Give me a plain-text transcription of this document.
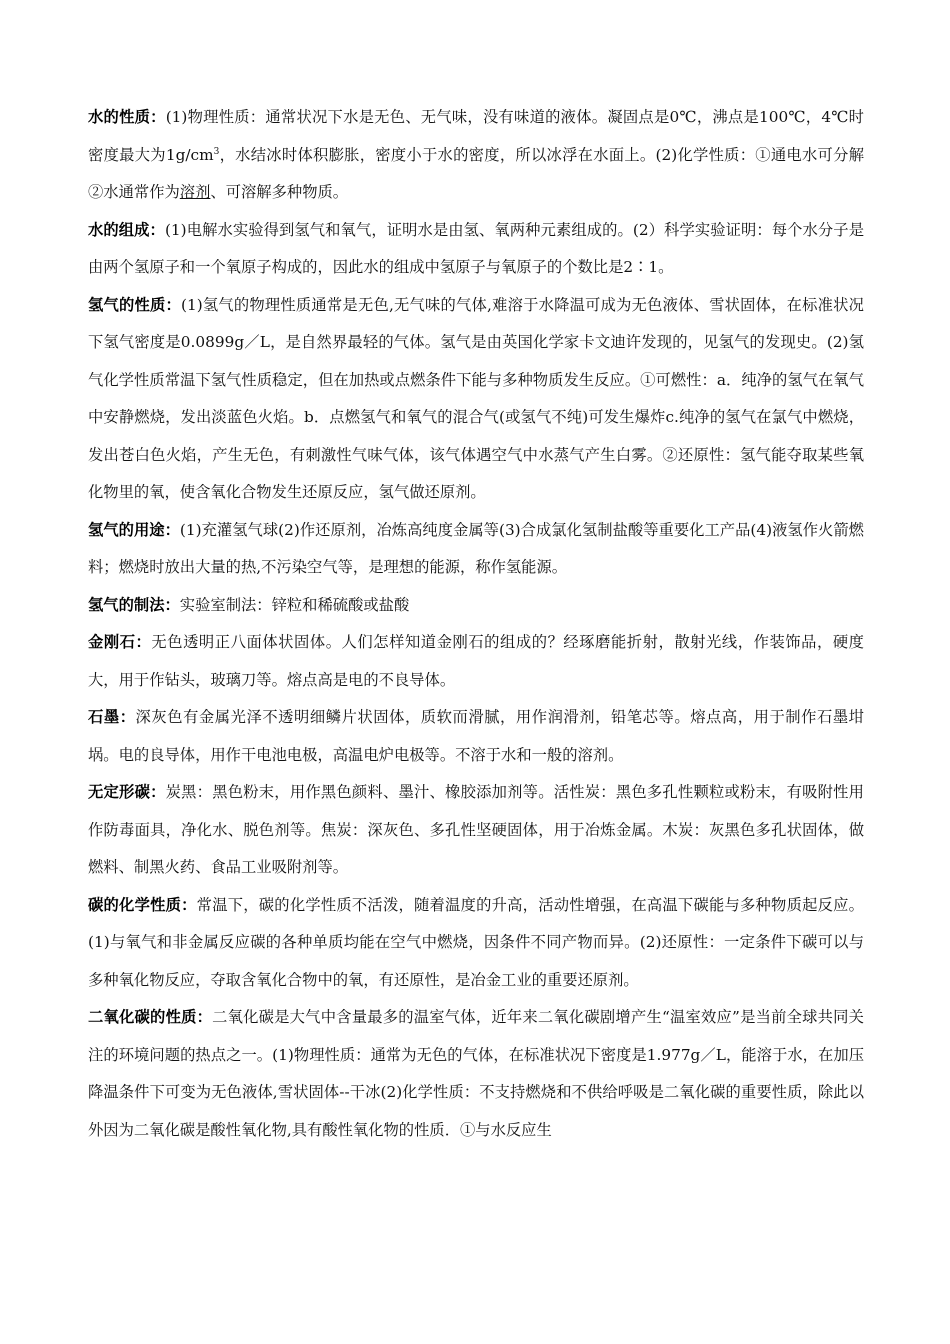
水的性质：(1)物理性质：通常状况下水是无色、无气味，没有味道的液体。凝固点是0℃，沸点是100℃，4℃时密度最大为$1g/cm^3$，水结冰时体积膨胀，密度小于水的密度，所以冰浮在水面上。(2)化学性质：①通电水可分解②水通常作为溶剂、可溶解多种物质。

水的组成：(1)电解水实验得到氢气和氧气，证明水是由氢、氧两种元素组成的。(2）科学实验证明：每个水分子是由两个氢原子和一个氧原子构成的，因此水的组成中氢原子与氧原子的个数比是2∶1。

氢气的性质：(1)氢气的物理性质通常是无色,无气味的气体,难溶于水降温可成为无色液体、雪状固体，在标准状况下氢气密度是0.0899g／L，是自然界最轻的气体。氢气是由英国化学家卡文迪许发现的，见氢气的发现史。(2)氢气化学性质常温下氢气性质稳定，但在加热或点燃条件下能与多种物质发生反应。①可燃性：a．纯净的氢气在氧气中安静燃烧，发出淡蓝色火焰。b．点燃氢气和氧气的混合气(或氢气不纯)可发生爆炸c.纯净的氢气在氯气中燃烧，发出苍白色火焰，产生无色，有刺激性气味气体，该气体遇空气中水蒸气产生白雾。②还原性：氢气能夺取某些氧化物里的氧，使含氧化合物发生还原反应，氢气做还原剂。

氢气的用途：(1)充灌氢气球(2)作还原剂，冶炼高纯度金属等(3)合成氯化氢制盐酸等重要化工产品(4)液氢作火箭燃料；燃烧时放出大量的热,不污染空气等，是理想的能源，称作氢能源。

氢气的制法：实验室制法：锌粒和稀硫酸或盐酸

金刚石：无色透明正八面体状固体。人们怎样知道金刚石的组成的？经琢磨能折射，散射光线，作装饰品，硬度大，用于作钻头，玻璃刀等。熔点高是电的不良导体。

石墨：深灰色有金属光泽不透明细鳞片状固体，质软而滑腻，用作润滑剂，铅笔芯等。熔点高，用于制作石墨坩埚。电的良导体，用作干电池电极，高温电炉电极等。不溶于水和一般的溶剂。

无定形碳：炭黑：黑色粉末，用作黑色颜料、墨汁、橡胶添加剂等。活性炭：黑色多孔性颗粒或粉末，有吸附性用作防毒面具，净化水、脱色剂等。焦炭：深灰色、多孔性坚硬固体，用于冶炼金属。木炭：灰黑色多孔状固体，做燃料、制黑火药、食品工业吸附剂等。

碳的化学性质：常温下，碳的化学性质不活泼，随着温度的升高，活动性增强，在高温下碳能与多种物质起反应。(1)与氧气和非金属反应碳的各种单质均能在空气中燃烧，因条件不同产物而异。(2)还原性：一定条件下碳可以与多种氧化物反应，夺取含氧化合物中的氧，有还原性，是冶金工业的重要还原剂。

二氧化碳的性质：二氧化碳是大气中含量最多的温室气体，近年来二氧化碳剧增产生“温室效应”是当前全球共同关注的环境问题的热点之一。(1)物理性质：通常为无色的气体，在标准状况下密度是1.977g／L，能溶于水，在加压降温条件下可变为无色液体,雪状固体--干冰(2)化学性质：不支持燃烧和不供给呼吸是二氧化碳的重要性质，除此以外因为二氧化碳是酸性氧化物,具有酸性氧化物的性质．①与水反应生
